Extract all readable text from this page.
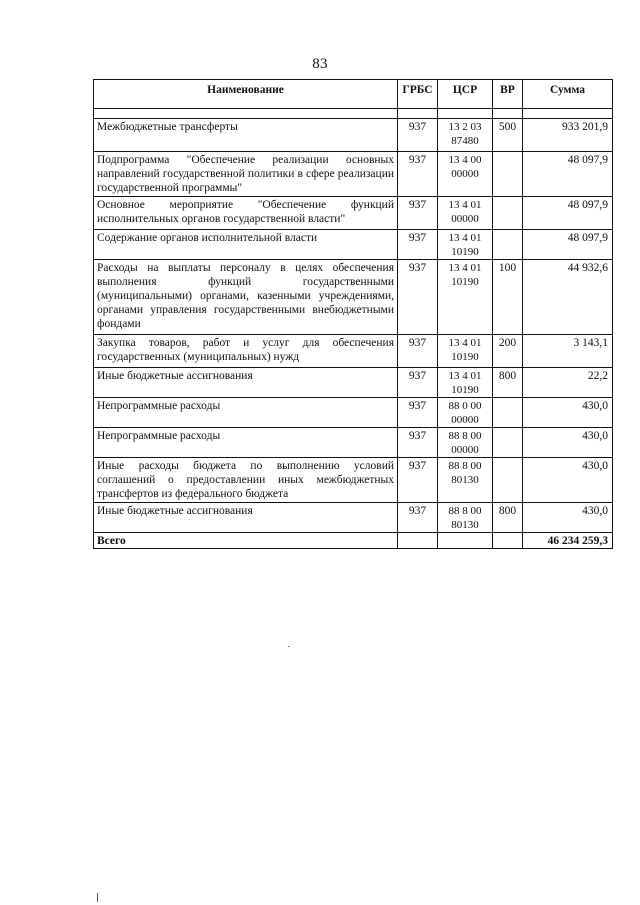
83
Наименование	ГРБС	ЦСР	ВР	Сумма

Межбюджетные трансферты	937	13 2 03 87480	500	933 201,9
Подпрограмма "Обеспечение реализации основных направлений государственной политики в сфере реализации государственной программы"	937	13 4 00 00000		48 097,9
Основное мероприятие "Обеспечение функций исполнительных органов государственной власти"	937	13 4 01 00000		48 097,9
Содержание органов исполнительной власти	937	13 4 01 10190		48 097,9
Расходы на выплаты персоналу в целях обеспечения выполнения функций государственными (муниципальными) органами, казенными учреждениями, органами управления государственными внебюджетными фондами	937	13 4 01 10190	100	44 932,6
Закупка товаров, работ и услуг для обеспечения государственных (муниципальных) нужд	937	13 4 01 10190	200	3 143,1
Иные бюджетные ассигнования	937	13 4 01 10190	800	22,2
Непрограммные расходы	937	88 0 00 00000		430,0
Непрограммные расходы	937	88 8 00 00000		430,0
Иные расходы бюджета по выполнению условий соглашений о предоставлении иных межбюджетных трансфертов из федерального бюджета	937	88 8 00 80130		430,0
Иные бюджетные ассигнования	937	88 8 00 80130	800	430,0
Всего				46 234 259,3
